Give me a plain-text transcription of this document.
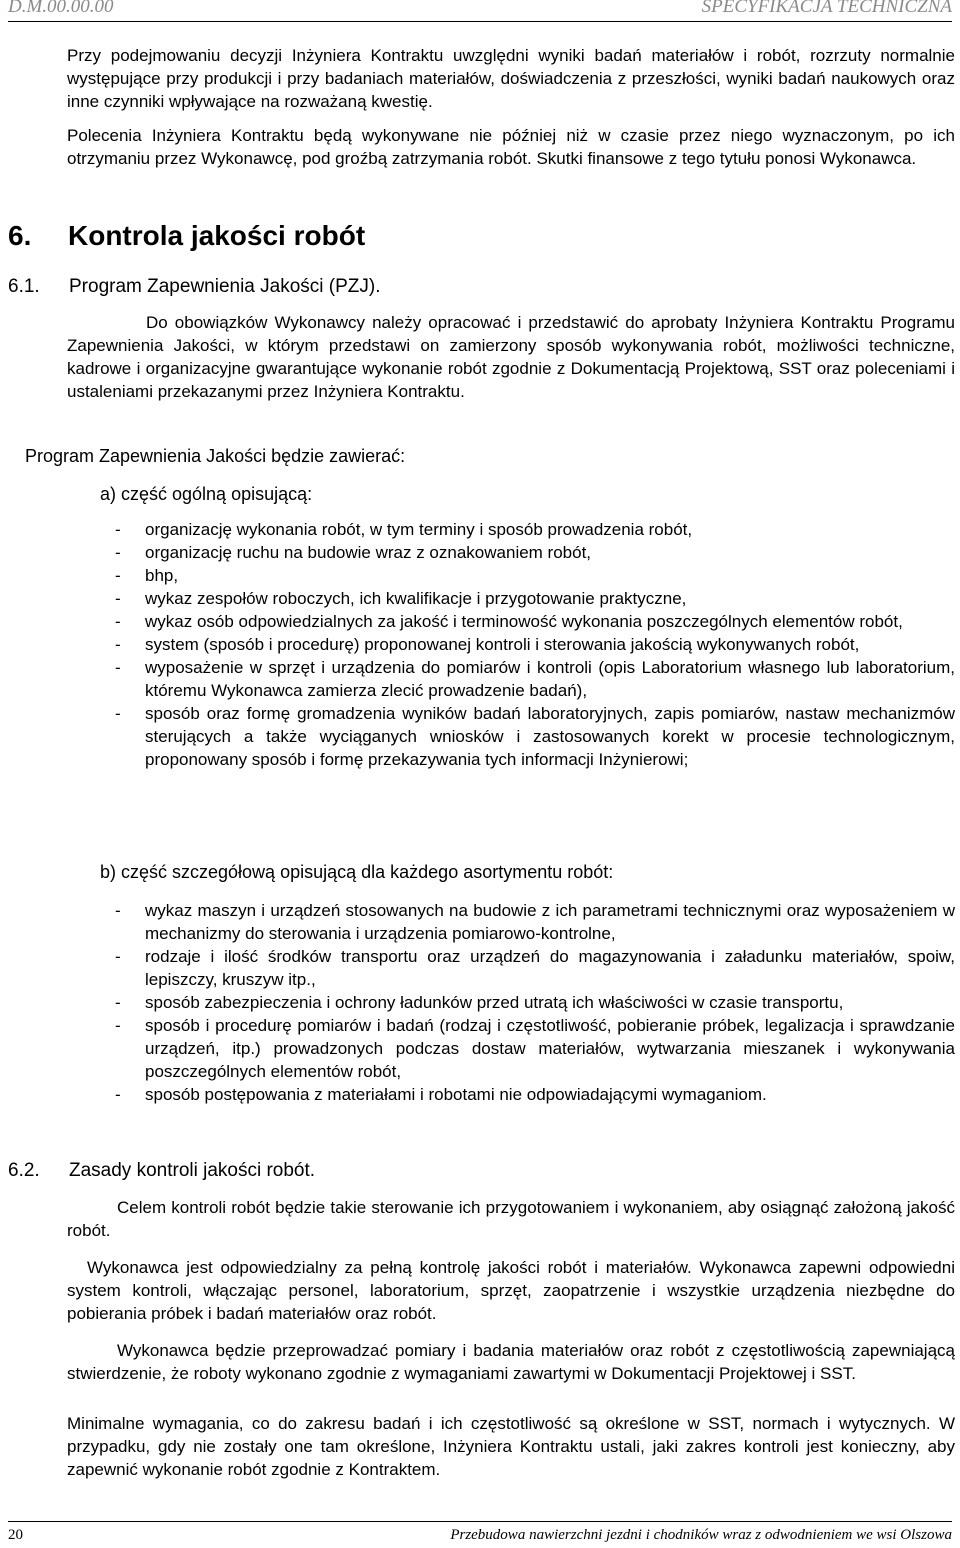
D.M.00.00.00	SPECYFIKACJA TECHNICZNA
Przy podejmowaniu decyzji Inżyniera Kontraktu uwzględni wyniki badań materiałów i robót, rozrzuty normalnie występujące przy produkcji i przy badaniach materiałów, doświadczenia z przeszłości, wyniki badań naukowych oraz inne czynniki wpływające na rozważaną kwestię.
Polecenia Inżyniera Kontraktu będą wykonywane nie później niż w czasie przez niego wyznaczonym, po ich otrzymaniu przez Wykonawcę, pod groźbą zatrzymania robót. Skutki finansowe z tego tytułu ponosi Wykonawca.
6. Kontrola jakości robót
6.1. Program Zapewnienia Jakości (PZJ).
Do obowiązków Wykonawcy należy opracować i przedstawić do aprobaty Inżyniera Kontraktu Programu Zapewnienia Jakości, w którym przedstawi on zamierzony sposób wykonywania robót, możliwości techniczne, kadrowe i organizacyjne gwarantujące wykonanie robót zgodnie z Dokumentacją Projektową, SST oraz poleceniami i ustaleniami przekazanymi przez Inżyniera Kontraktu.
Program Zapewnienia Jakości będzie zawierać:
a) część ogólną opisującą:
- organizację wykonania robót, w tym terminy i sposób prowadzenia robót,
- organizację ruchu na budowie wraz z oznakowaniem robót,
- bhp,
- wykaz zespołów roboczych, ich kwalifikacje i przygotowanie praktyczne,
- wykaz osób odpowiedzialnych za jakość i terminowość wykonania poszczególnych elementów robót,
- system (sposób i procedurę) proponowanej kontroli i sterowania jakością wykonywanych robót,
- wyposażenie w sprzęt i urządzenia do pomiarów i kontroli (opis Laboratorium własnego lub laboratorium, któremu Wykonawca zamierza zlecić prowadzenie badań),
- sposób oraz formę gromadzenia wyników badań laboratoryjnych, zapis pomiarów, nastaw mechanizmów sterujących a także wyciąganych wniosków i zastosowanych korekt w procesie technologicznym, proponowany sposób i formę przekazywania tych informacji Inżynierowi;
b) część szczegółową opisującą dla każdego asortymentu robót:
- wykaz maszyn i urządzeń stosowanych na budowie z ich parametrami technicznymi oraz wyposażeniem w mechanizmy do sterowania i urządzenia pomiarowo-kontrolne,
- rodzaje i ilość środków transportu oraz urządzeń do magazynowania i załadunku materiałów, spoiw, lepiszczy, kruszyw itp.,
- sposób zabezpieczenia i ochrony ładunków przed utratą ich właściwości w czasie transportu,
- sposób i procedurę pomiarów i badań (rodzaj i częstotliwość, pobieranie próbek, legalizacja i sprawdzanie urządzeń, itp.) prowadzonych podczas dostaw materiałów, wytwarzania mieszanek i wykonywania poszczególnych elementów robót,
- sposób postępowania z materiałami i robotami nie odpowiadającymi wymaganiom.
6.2. Zasady kontroli jakości robót.
Celem kontroli robót będzie takie sterowanie ich przygotowaniem i wykonaniem, aby osiągnąć założoną jakość robót.
Wykonawca jest odpowiedzialny za pełną kontrolę jakości robót i materiałów. Wykonawca zapewni odpowiedni system kontroli, włączając personel, laboratorium, sprzęt, zaopatrzenie i wszystkie urządzenia niezbędne do pobierania próbek i badań materiałów oraz robót.
Wykonawca będzie przeprowadzać pomiary i badania materiałów oraz robót z częstotliwością zapewniającą stwierdzenie, że roboty wykonano zgodnie z wymaganiami zawartymi w Dokumentacji Projektowej i SST.
Minimalne wymagania, co do zakresu badań i ich częstotliwość są określone w SST, normach i wytycznych. W przypadku, gdy nie zostały one tam określone, Inżyniera Kontraktu ustali, jaki zakres kontroli jest konieczny, aby zapewnić wykonanie robót zgodnie z Kontraktem.
20	Przebudowa nawierzchni jezdni i chodników wraz z odwodnieniem we wsi Olszowa
